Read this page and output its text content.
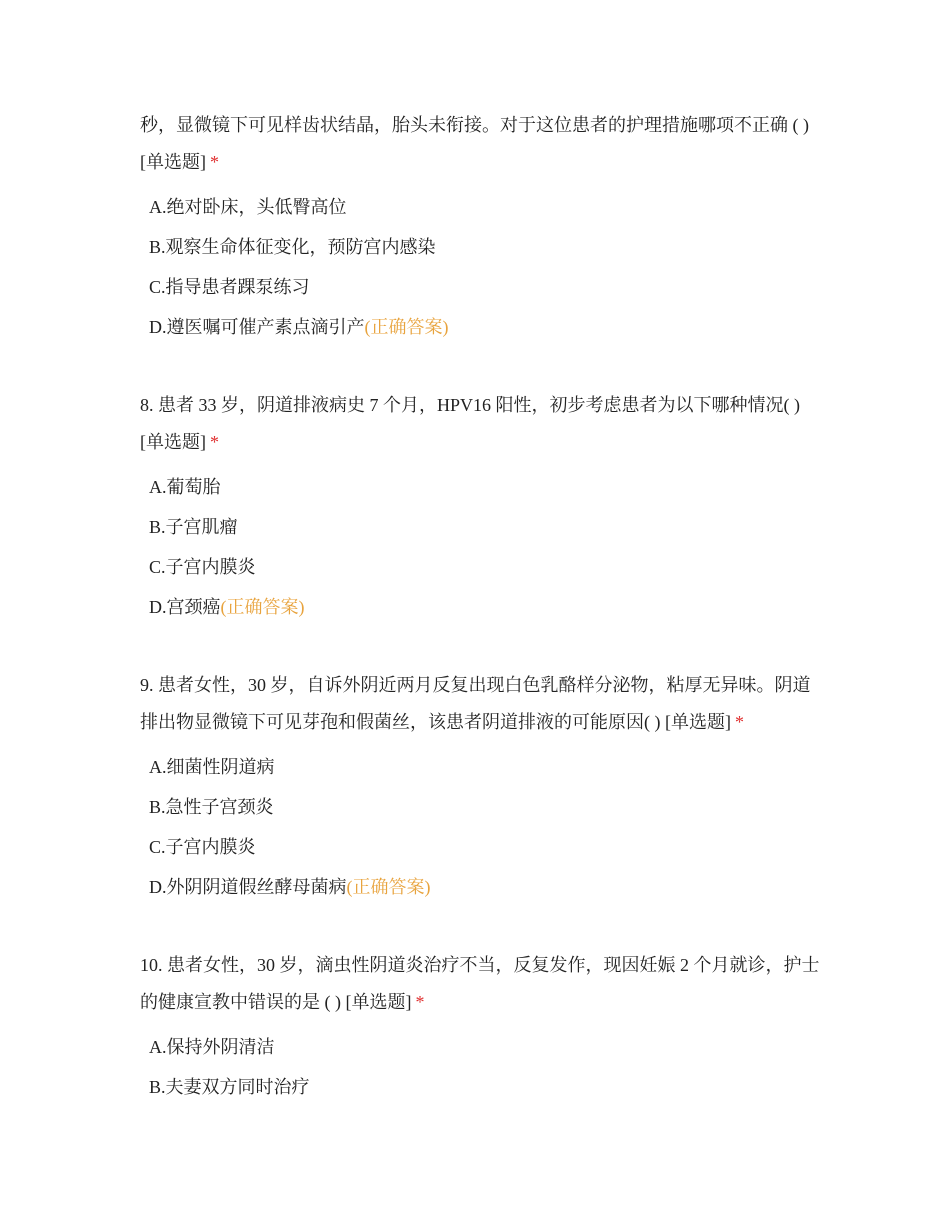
秒，显微镜下可见样齿状结晶，胎头未衔接。对于这位患者的护理措施哪项不正确 ( ) [单选题] *

A.绝对卧床，头低臀高位
B.观察生命体征变化，预防宫内感染
C.指导患者踝泵练习
D.遵医嘱可催产素点滴引产(正确答案)

8. 患者 33 岁，阴道排液病史 7 个月，HPV16 阳性，初步考虑患者为以下哪种情况( ) [单选题] *

A.葡萄胎
B.子宫肌瘤
C.子宫内膜炎
D.宫颈癌(正确答案)

9. 患者女性，30 岁，自诉外阴近两月反复出现白色乳酪样分泌物，粘厚无异味。阴道排出物显微镜下可见芽孢和假菌丝，该患者阴道排液的可能原因( ) [单选题] *

A.细菌性阴道病
B.急性子宫颈炎
C.子宫内膜炎
D.外阴阴道假丝酵母菌病(正确答案)

10. 患者女性，30 岁，滴虫性阴道炎治疗不当，反复发作，现因妊娠 2 个月就诊，护士的健康宣教中错误的是 ( ) [单选题] *

A.保持外阴清洁
B.夫妻双方同时治疗
